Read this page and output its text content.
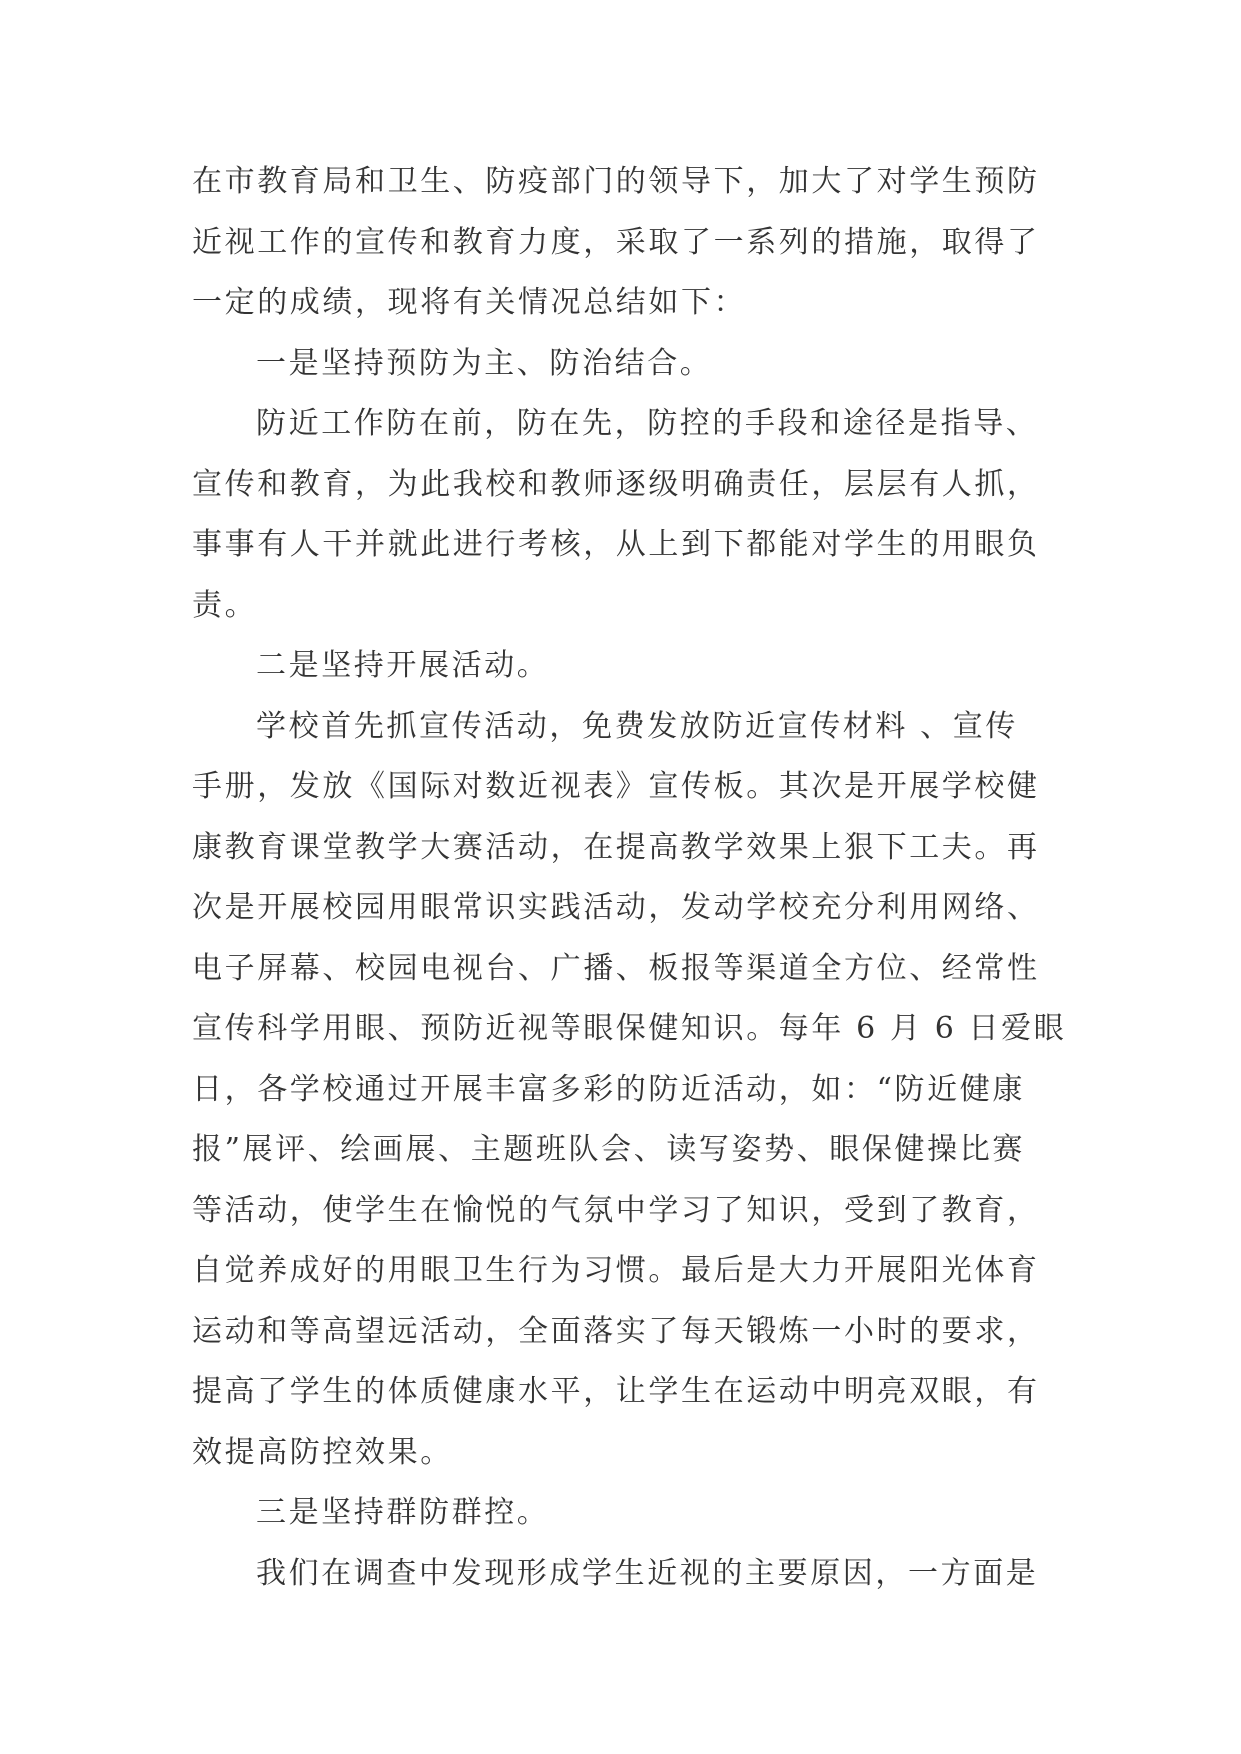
在市教育局和卫生、防疫部门的领导下，加大了对学生预防
近视工作的宣传和教育力度，采取了一系列的措施，取得了
一定的成绩，现将有关情况总结如下：
一是坚持预防为主、防治结合。
防近工作防在前，防在先，防控的手段和途径是指导、
宣传和教育，为此我校和教师逐级明确责任，层层有人抓，
事事有人干并就此进行考核，从上到下都能对学生的用眼负
责。
二是坚持开展活动。
学校首先抓宣传活动，免费发放防近宣传材料 、宣传
手册，发放《国际对数近视表》宣传板。其次是开展学校健
康教育课堂教学大赛活动，在提高教学效果上狠下工夫。再
次是开展校园用眼常识实践活动，发动学校充分利用网络、
电子屏幕、校园电视台、广播、板报等渠道全方位、经常性
宣传科学用眼、预防近视等眼保健知识。每年 6 月 6 日爱眼
日，各学校通过开展丰富多彩的防近活动，如：“防近健康
报”展评、绘画展、主题班队会、读写姿势、眼保健操比赛
等活动，使学生在愉悦的气氛中学习了知识，受到了教育，
自觉养成好的用眼卫生行为习惯。最后是大力开展阳光体育
运动和等高望远活动，全面落实了每天锻炼一小时的要求，
提高了学生的体质健康水平，让学生在运动中明亮双眼，有
效提高防控效果。
三是坚持群防群控。
我们在调查中发现形成学生近视的主要原因，一方面是
